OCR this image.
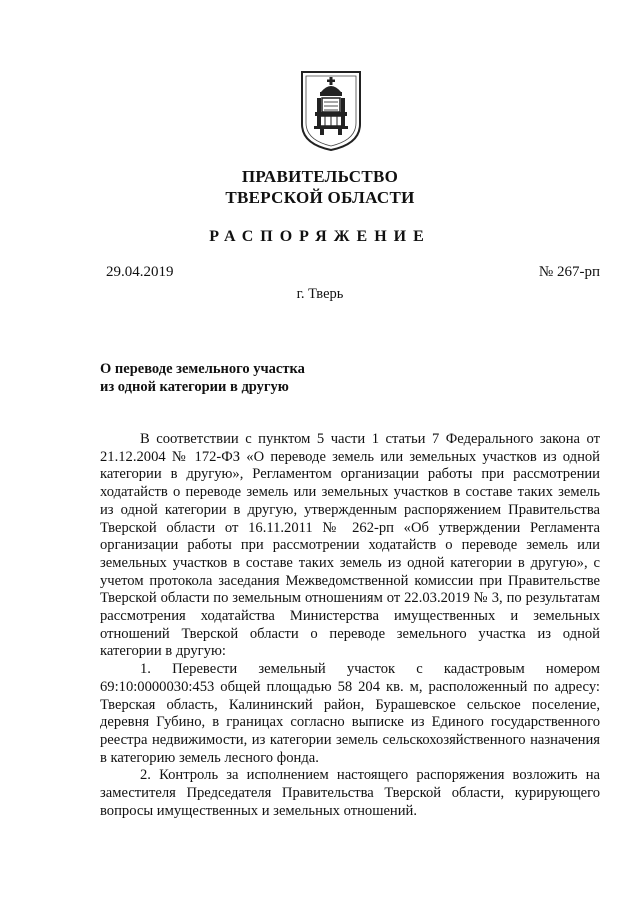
ПРАВИТЕЛЬСТВО
ТВЕРСКОЙ ОБЛАСТИ
РАСПОРЯЖЕНИЕ
29.04.2019	№ 267-рп
г. Тверь
О переводе земельного участка
из одной категории в другую

В соответствии с пунктом 5 части 1 статьи 7 Федерального закона от 21.12.2004 № 172-ФЗ «О переводе земель или земельных участков из одной категории в другую», Регламентом организации работы при рассмотрении ходатайств о переводе земель или земельных участков в составе таких земель из одной категории в другую, утвержденным распоряжением Правительства Тверской области от 16.11.2011 № 262-рп «Об утверждении Регламента организации работы при рассмотрении ходатайств о переводе земель или земельных участков в составе таких земель из одной категории в другую», с учетом протокола заседания Межведомственной комиссии при Правительстве Тверской области по земельным отношениям от 22.03.2019 № 3, по результатам рассмотрения ходатайства Министерства имущественных и земельных отношений Тверской области о переводе земельного участка из одной категории в другую:

1. Перевести земельный участок с кадастровым номером 69:10:0000030:453 общей площадью 58 204 кв. м, расположенный по адресу: Тверская область, Калининский район, Бурашевское сельское поселение, деревня Губино, в границах согласно выписке из Единого государственного реестра недвижимости, из категории земель сельскохозяйственного назначения в категорию земель лесного фонда.

2. Контроль за исполнением настоящего распоряжения возложить на заместителя Председателя Правительства Тверской области, курирующего вопросы имущественных и земельных отношений.
